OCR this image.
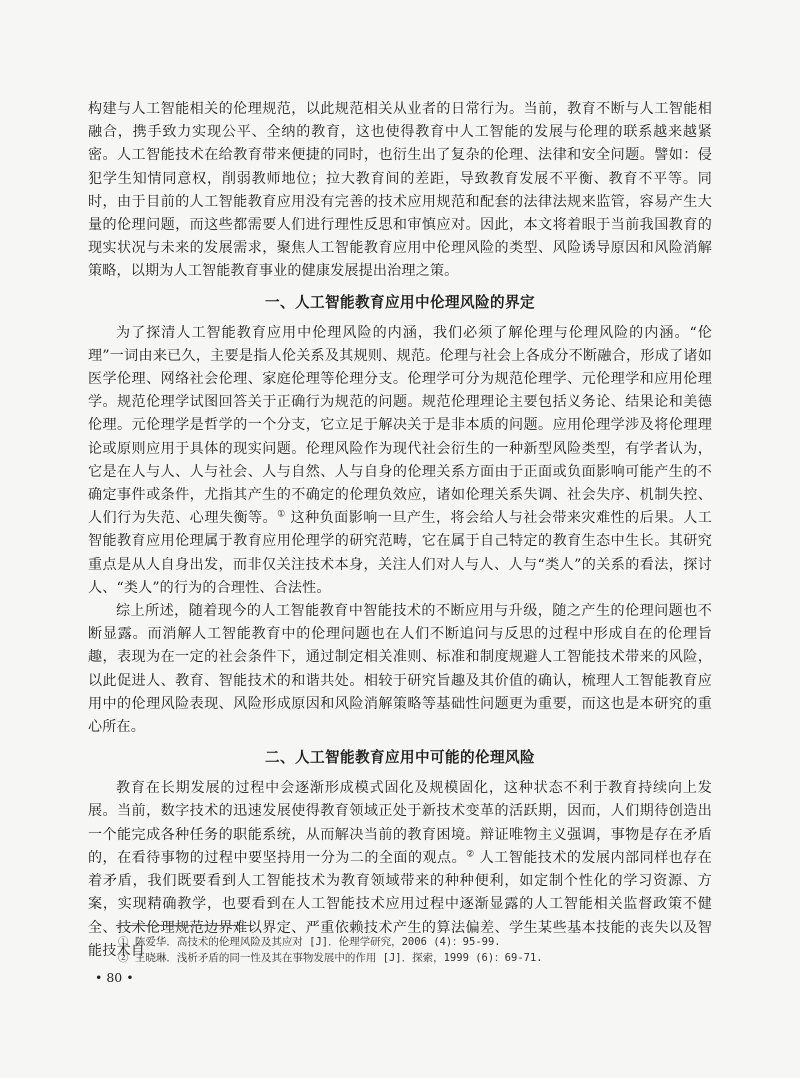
构建与人工智能相关的伦理规范，以此规范相关从业者的日常行为。当前，教育不断与人工智能相融合，携手致力实现公平、全纳的教育，这也使得教育中人工智能的发展与伦理的联系越来越紧密。人工智能技术在给教育带来便捷的同时，也衍生出了复杂的伦理、法律和安全问题。譬如：侵犯学生知情同意权，削弱教师地位；拉大教育间的差距，导致教育发展不平衡、教育不平等。同时，由于目前的人工智能教育应用没有完善的技术应用规范和配套的法律法规来监管，容易产生大量的伦理问题，而这些都需要人们进行理性反思和审慎应对。因此，本文将着眼于当前我国教育的现实状况与未来的发展需求，聚焦人工智能教育应用中伦理风险的类型、风险诱导原因和风险消解策略，以期为人工智能教育事业的健康发展提出治理之策。

一、人工智能教育应用中伦理风险的界定

为了探清人工智能教育应用中伦理风险的内涵，我们必须了解伦理与伦理风险的内涵。“伦理”一词由来已久，主要是指人伦关系及其规则、规范。伦理与社会上各成分不断融合，形成了诸如医学伦理、网络社会伦理、家庭伦理等伦理分支。伦理学可分为规范伦理学、元伦理学和应用伦理学。规范伦理学试图回答关于正确行为规范的问题。规范伦理理论主要包括义务论、结果论和美德伦理。元伦理学是哲学的一个分支，它立足于解决关于是非本质的问题。应用伦理学涉及将伦理理论或原则应用于具体的现实问题。伦理风险作为现代社会衍生的一种新型风险类型，有学者认为，它是在人与人、人与社会、人与自然、人与自身的伦理关系方面由于正面或负面影响可能产生的不确定事件或条件，尤指其产生的不确定的伦理负效应，诸如伦理关系失调、社会失序、机制失控、人们行为失范、心理失衡等。① 这种负面影响一旦产生，将会给人与社会带来灾难性的后果。人工智能教育应用伦理属于教育应用伦理学的研究范畴，它在属于自己特定的教育生态中生长。其研究重点是从人自身出发，而非仅关注技术本身，关注人们对人与人、人与“类人”的关系的看法，探讨人、“类人”的行为的合理性、合法性。

综上所述，随着现今的人工智能教育中智能技术的不断应用与升级，随之产生的伦理问题也不断显露。而消解人工智能教育中的伦理问题也在人们不断追问与反思的过程中形成自在的伦理旨趣，表现为在一定的社会条件下，通过制定相关准则、标准和制度规避人工智能技术带来的风险，以此促进人、教育、智能技术的和谐共处。相较于研究旨趣及其价值的确认，梳理人工智能教育应用中的伦理风险表现、风险形成原因和风险消解策略等基础性问题更为重要，而这也是本研究的重心所在。

二、人工智能教育应用中可能的伦理风险

教育在长期发展的过程中会逐渐形成模式固化及规模固化，这种状态不利于教育持续向上发展。当前，数字技术的迅速发展使得教育领域正处于新技术变革的活跃期，因而，人们期待创造出一个能完成各种任务的职能系统，从而解决当前的教育困境。辩证唯物主义强调，事物是存在矛盾的，在看待事物的过程中要坚持用一分为二的全面的观点。② 人工智能技术的发展内部同样也存在着矛盾，我们既要看到人工智能技术为教育领域带来的种种便利，如定制个性化的学习资源、方案，实现精确教学，也要看到在人工智能技术应用过程中逐渐显露的人工智能相关监督政策不健全、技术伦理规范边界难以界定、严重依赖技术产生的算法偏差、学生某些基本技能的丧失以及智能技术自

① 陈爱华．高技术的伦理风险及其应对 [J]．伦理学研究，2006 (4)：95-99.

② 王晓琳．浅析矛盾的同一性及其在事物发展中的作用 [J]．探索，1999 (6)：69-71.

• 80 •
